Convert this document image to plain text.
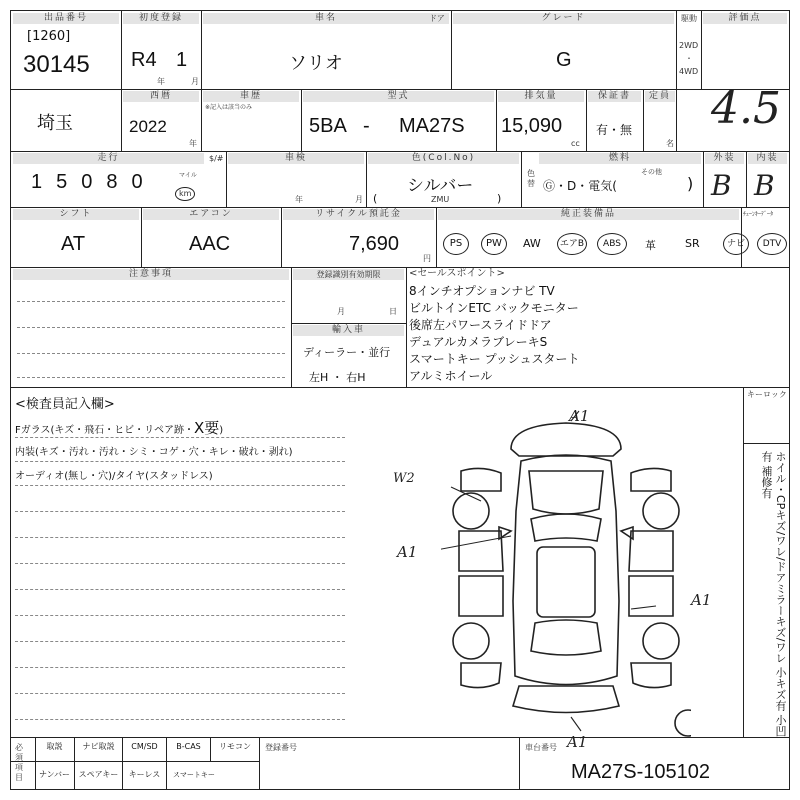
出品番号
[1260]
30145
初度登録
R4 1
年	月
車名
ソリオ
ドア	グレード
G
駆動
2WD
・
4WD
評価点
4.5
埼玉
西暦
2022
年
車歴
※記入は該当のみ
型式
5BA - MA27S
排気量
15,090
cc
保証書
有・無
定員
名
走行
15080	マイル
km
$/#	車検
年	月
色(Col.No)
シルバー
(	ZMU	)
色替
燃料
Ⓖ・D・電気(
その他
)
外装
B
内装
B
シフト
AT
エアコン
AAC
リサイクル預託金
7,690
円
純正装備品	ﾁｪｰﾝｷｰﾃﾞｰﾀ
PS	PW	AW	エアB	ABS	革	SR	ナビ	DTV
注意事項	登録識別有効期限
月	日
輸入車
ディーラー・並行
左H ・ 右H
<セールスポイント>
8インチオプションナビ TV
ビルトインETC バックモニター
後席左パワースライドドア
デュアルカメラブレーキS
スマートキー プッシュスタート
アルミホイール
<検査員記入欄>
Fガラス(キズ・飛石・ヒビ・リペア跡・X要)
内装(キズ・汚れ・汚れ・シミ・コゲ・穴・キレ・破れ・剥れ)
オーディオ(無し・穴)/タイヤ(スタッドレス)
キーロック
ホイル・CPキズ/ワレ/ドアミラーキズ/ワレ 小キズ有 小凹有 補修有
A1
W2
A1
A1
A1
必須項目
取説	ナビ取説	CM/SD	B-CAS	リモコン
ナンバー	スペアキー	キーレス	スマートキー
登録番号	車台番号
MA27S-105102
